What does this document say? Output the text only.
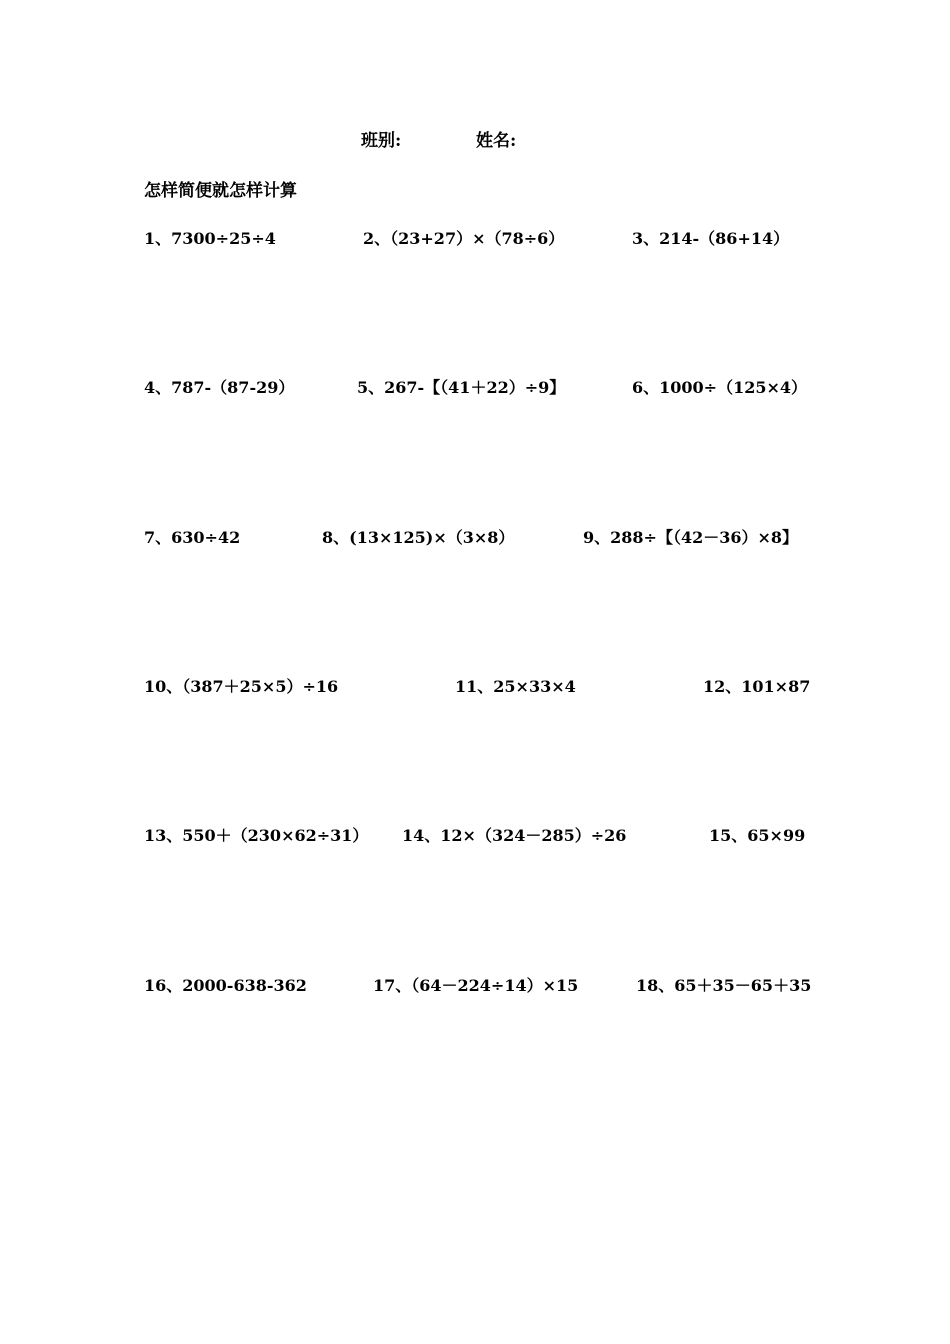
班别:	姓名:
怎样简便就怎样计算
1、7300÷25÷4	2、（23+27）×（78÷6）	3、214-（86+14）
4、787-（87-29）	5、267-【（41＋22）÷9】	6、1000÷（125×4）
7、630÷42	8、(13×125)×（3×8）	9、288÷【（42－36）×8】
10、（387＋25×5）÷16	11、25×33×4	12、101×87
13、550＋（230×62÷31） 14、12×（324－285）÷26	15、65×99
16、2000-638-362	17、（64－224÷14）×15	18、65＋35－65＋35
